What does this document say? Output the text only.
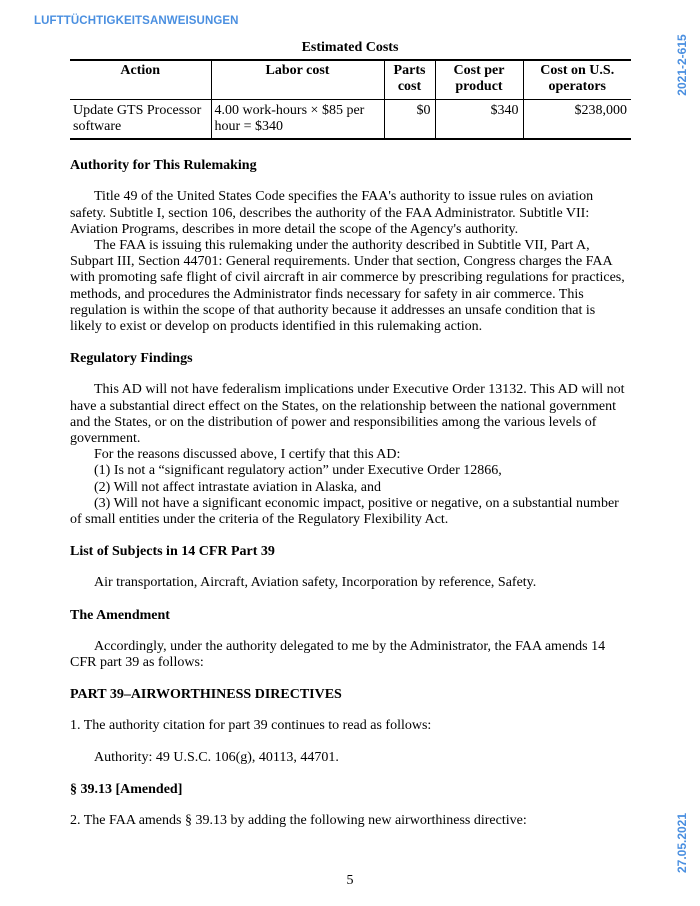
LUFTTÜCHTIGKEITSANWEISUNGEN
2021-2-615
27.05.2021
Estimated Costs
Action	Labor cost	Parts cost	Cost per product	Cost on U.S. operators
Update GTS Processor software	4.00 work-hours × $85 per hour = $340	$0	$340	$238,000
Authority for This Rulemaking

Title 49 of the United States Code specifies the FAA's authority to issue rules on aviation safety. Subtitle I, section 106, describes the authority of the FAA Administrator. Subtitle VII: Aviation Programs, describes in more detail the scope of the Agency's authority.

The FAA is issuing this rulemaking under the authority described in Subtitle VII, Part A, Subpart III, Section 44701: General requirements. Under that section, Congress charges the FAA with promoting safe flight of civil aircraft in air commerce by prescribing regulations for practices, methods, and procedures the Administrator finds necessary for safety in air commerce. This regulation is within the scope of that authority because it addresses an unsafe condition that is likely to exist or develop on products identified in this rulemaking action.

Regulatory Findings

This AD will not have federalism implications under Executive Order 13132. This AD will not have a substantial direct effect on the States, on the relationship between the national government and the States, or on the distribution of power and responsibilities among the various levels of government.

For the reasons discussed above, I certify that this AD:

(1) Is not a “significant regulatory action” under Executive Order 12866,

(2) Will not affect intrastate aviation in Alaska, and

(3) Will not have a significant economic impact, positive or negative, on a substantial number of small entities under the criteria of the Regulatory Flexibility Act.

List of Subjects in 14 CFR Part 39

Air transportation, Aircraft, Aviation safety, Incorporation by reference, Safety.

The Amendment

Accordingly, under the authority delegated to me by the Administrator, the FAA amends 14 CFR part 39 as follows:

PART 39–AIRWORTHINESS DIRECTIVES

1. The authority citation for part 39 continues to read as follows:

Authority: 49 U.S.C. 106(g), 40113, 44701.

§ 39.13 [Amended]

2. The FAA amends § 39.13 by adding the following new airworthiness directive:

5
